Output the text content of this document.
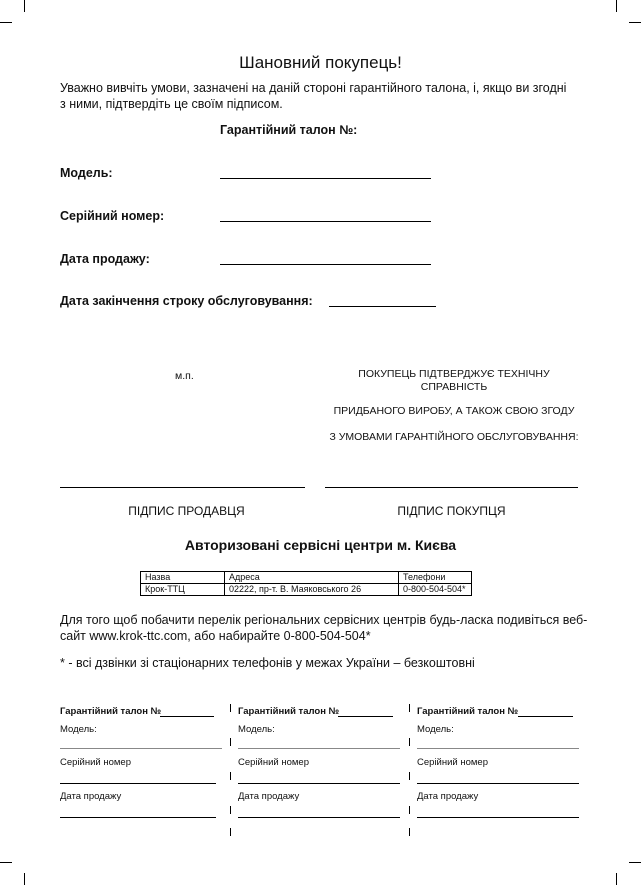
Шановний покупець!
Уважно вивчіть умови, зазначені на даній стороні гарантійного талона, і, якщо ви згодні з ними, підтвердіть це своїм підписом.
Гарантійний талон №:
Модель:
Серійний номер:
Дата продажу:
Дата закінчення строку обслуговування:
м.п.	ПОКУПЕЦЬ ПІДТВЕРДЖУЄ ТЕХНІЧНУ СПРАВНІСТЬ
ПРИДБАНОГО ВИРОБУ, А ТАКОЖ СВОЮ ЗГОДУ
З УМОВАМИ ГАРАНТІЙНОГО ОБСЛУГОВУВАННЯ:
ПІДПИС ПРОДАВЦЯ	ПІДПИС ПОКУПЦЯ
Авторизовані сервісні центри м. Києва
Назва	Адреса	Телефони
Крок-ТТЦ	02222, пр-т. В. Маяковського 26	0-800-504-504*
Для того щоб побачити перелік регіональних сервісних центрів будь-ласка подивіться веб-сайт www.krok-ttc.com, або набирайте 0-800-504-504*
* - всі дзвінки зі стаціонарних телефонів у межах України – безкоштовні
Гарантійний талон №
Модель:
Серійний номер
Дата продажу
Гарантійний талон №
Модель:
Серійний номер
Дата продажу
Гарантійний талон №
Модель:
Серійний номер
Дата продажу
